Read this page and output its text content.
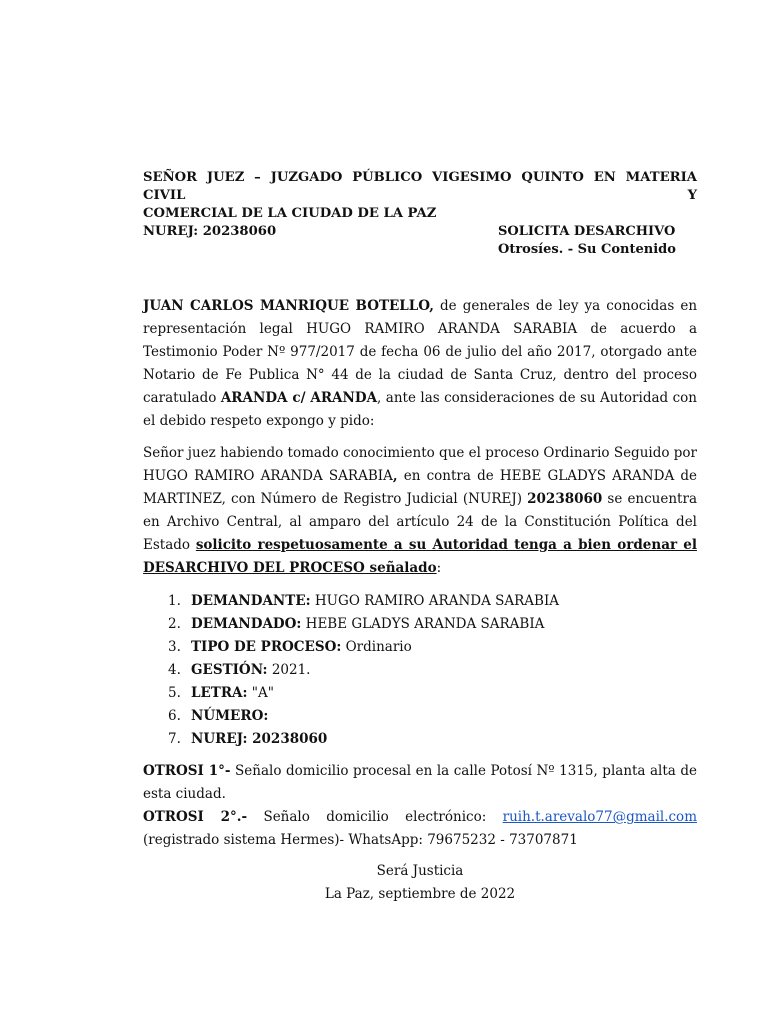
SEÑOR JUEZ – JUZGADO PÚBLICO VIGESIMO QUINTO EN MATERIA CIVIL Y
COMERCIAL DE LA CIUDAD DE LA PAZ
NUREJ: 20238060	SOLICITA DESARCHIVO
Otrosíes. - Su Contenido

JUAN CARLOS MANRIQUE BOTELLO, de generales de ley ya conocidas en representación legal HUGO RAMIRO ARANDA SARABIA de acuerdo a Testimonio Poder Nº 977/2017 de fecha 06 de julio del año 2017, otorgado ante Notario de Fe Publica N° 44 de la ciudad de Santa Cruz, dentro del proceso caratulado ARANDA c/ ARANDA, ante las consideraciones de su Autoridad con el debido respeto expongo y pido:

Señor juez habiendo tomado conocimiento que el proceso Ordinario Seguido por HUGO RAMIRO ARANDA SARABIA, en contra de HEBE GLADYS ARANDA de MARTINEZ, con Número de Registro Judicial (NUREJ) 20238060 se encuentra en Archivo Central, al amparo del artículo 24 de la Constitución Política del Estado solicito respetuosamente a su Autoridad tenga a bien ordenar el DESARCHIVO DEL PROCESO señalado:

1. DEMANDANTE: HUGO RAMIRO ARANDA SARABIA
2. DEMANDADO: HEBE GLADYS ARANDA SARABIA
3. TIPO DE PROCESO: Ordinario
4. GESTIÓN: 2021.
5. LETRA: "A"
6. NÚMERO:
7. NUREJ: 20238060

OTROSI 1°- Señalo domicilio procesal en la calle Potosí Nº 1315, planta alta de esta ciudad.

OTROSI 2°.- Señalo domicilio electrónico: ruih.t.arevalo77@gmail.com (registrado sistema Hermes)- WhatsApp: 79675232 - 73707871

Será Justicia
La Paz, septiembre de 2022
